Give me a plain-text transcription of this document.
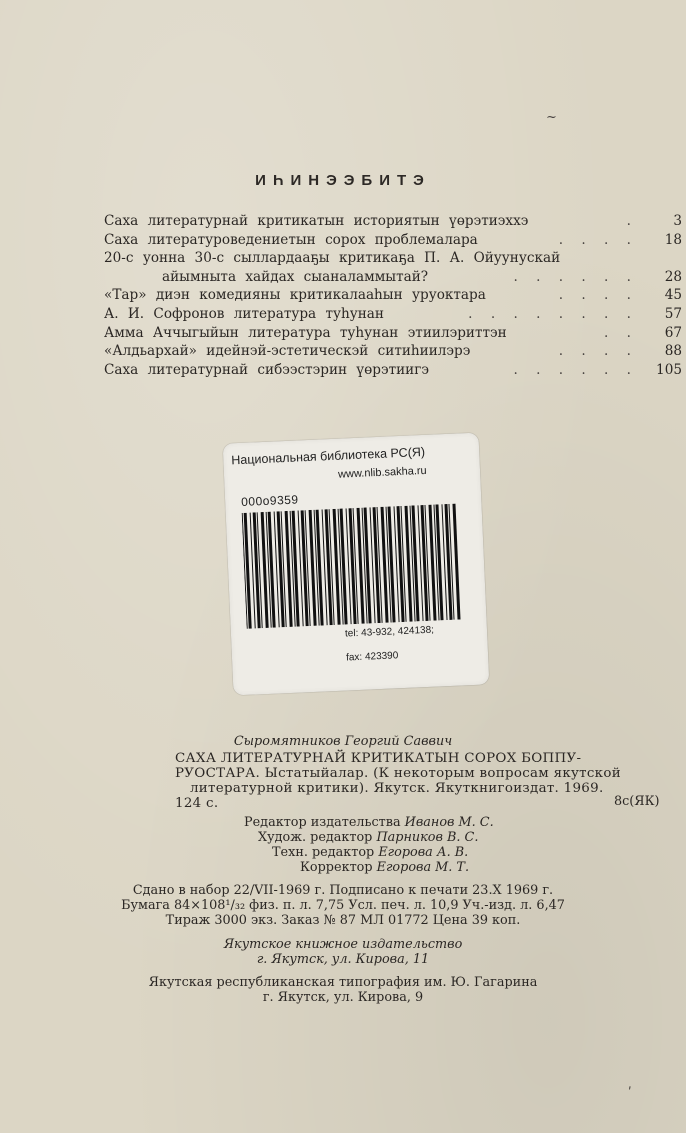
~
ИҺИНЭЭБИТЭ
Саха литературнай критикатын историятын үөрэтиэххэ	.	3
Саха литературоведениетын сорох проблемалара	. . . .	18
20-с уонна 30-с сыллардааҕы критикаҕа П. А. Ойуунускай
айымныта хайдах сыаналаммытай?	. . . . . .	28
«Тар» диэн комедияны критикалааһын уруоктара	. . . .	45
А. И. Софронов литература туһунан	. . . . . . . .	57
Амма Аччыгыйын литература туһунан этиилэриттэн	. .	67
«Алдьархай» идейнэй-эстетическэй ситиһиилэрэ	. . . .	88
Саха литературнай сибээстэрин үөрэтиигэ	. . . . . . 105
Национальная библиотека РС(Я)
www.nlib.sakha.ru
000о9359
tel: 43-932, 424138;
fax: 423390
Сыромятников Георгий Саввич
САХА ЛИТЕРАТУРНАЙ КРИТИКАТЫН СОРОХ БОППУ-
РУОСТАРА. Ыстатыйалар. (К некоторым вопросам якутской
литературной критики). Якутск. Якуткнигоиздат. 1969.
124 с.	8с(ЯК)
Редактор издательства Иванов М. С.
Худож. редактор Парников В. С.
Техн. редактор Егорова А. В.
Корректор Егорова М. Т.
Сдано в набор 22/VII-1969 г. Подписано к печати 23.X 1969 г.
Бумага 84×108¹/₃₂ физ. п. л. 7,75 Усл. печ. л. 10,9 Уч.-изд. л. 6,47
Тираж 3000 экз. Заказ № 87 МЛ 01772 Цена 39 коп.
Якутское книжное издательство
г. Якутск, ул. Кирова, 11
Якутская республиканская типография им. Ю. Гагарина
г. Якутск, ул. Кирова, 9
ʹ
